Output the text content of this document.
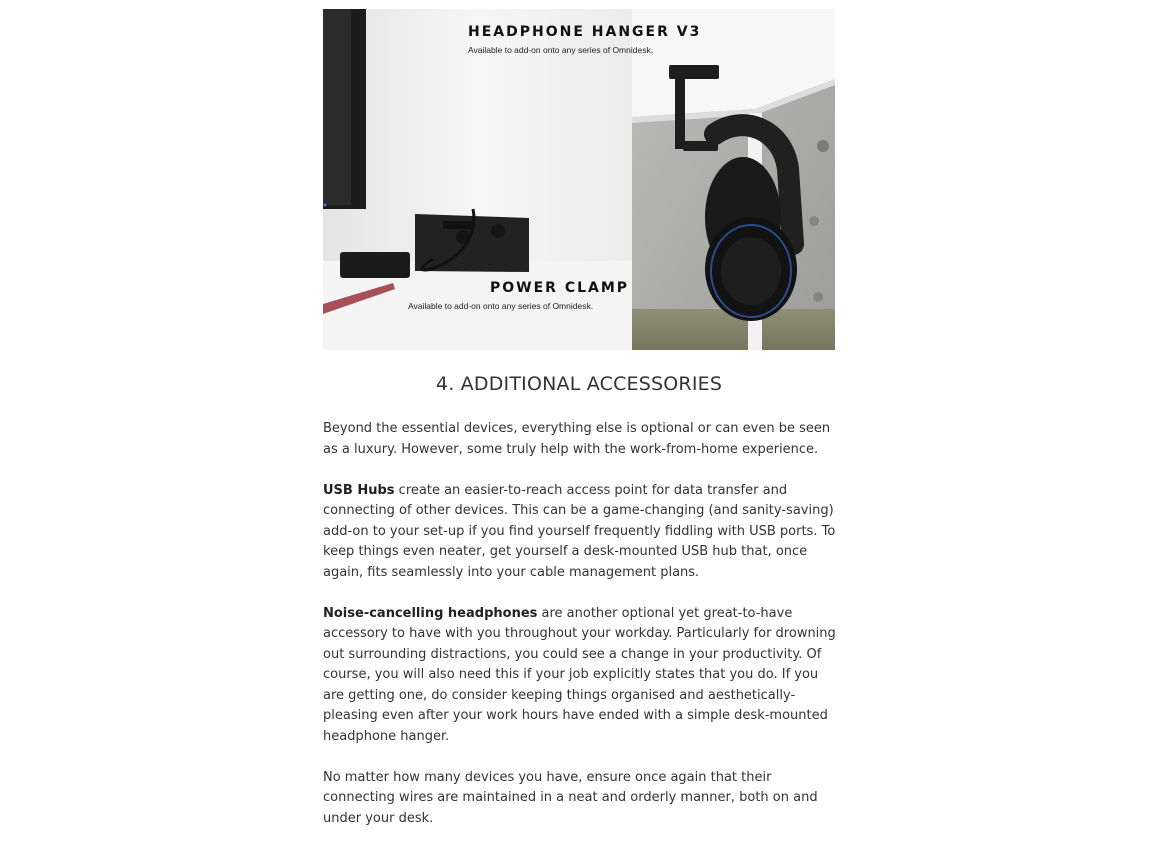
HEADPHONE HANGER V3
Available to add-on onto any series of Omnidesk.
POWER CLAMP
Available to add-on onto any series of Omnidesk.
4. ADDITIONAL ACCESSORIES

Beyond the essential devices, everything else is optional or can even be seen as a luxury. However, some truly help with the work-from-home experience.

USB Hubs create an easier-to-reach access point for data transfer and connecting of other devices. This can be a game-changing (and sanity-saving) add-on to your set-up if you find yourself frequently fiddling with USB ports. To keep things even neater, get yourself a desk-mounted USB hub that, once again, fits seamlessly into your cable management plans.

Noise-cancelling headphones are another optional yet great-to-have accessory to have with you throughout your workday. Particularly for drowning out surrounding distractions, you could see a change in your productivity. Of course, you will also need this if your job explicitly states that you do. If you are getting one, do consider keeping things organised and aesthetically-pleasing even after your work hours have ended with a simple desk-mounted headphone hanger.

No matter how many devices you have, ensure once again that their connecting wires are maintained in a neat and orderly manner, both on and under your desk.
